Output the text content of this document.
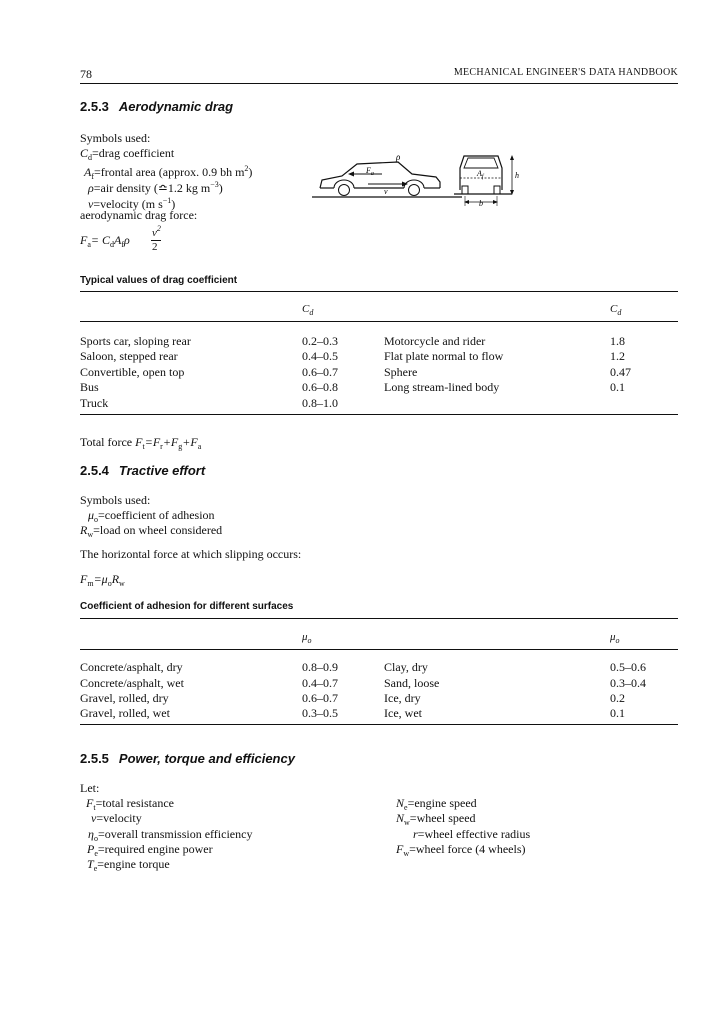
78	MECHANICAL ENGINEER'S DATA HANDBOOK
2.5.3 Aerodynamic drag
Symbols used:
$C_d=drag$ coefficient
$A_f=frontal$ area (approx. 0.9 bh $m^2$)
ρ=air density (≏1.2 kg $m^{-3}$)
v=velocity (m $s^{-1}$)
aerodynamic drag force:
$F_a= C_dA_f\rho$ $v^2$
2
ρ
$F_a$
v
$A_f$	h
b
Typical values of drag coefficient
$C_d$	$C_d$
Sports car, sloping rear	0.2–0.3	Motorcycle and rider	1.8
Saloon, stepped rear	0.4–0.5	Flat plate normal to flow	1.2
Convertible, open top	0.6–0.7	Sphere	0.47
Bus	0.6–0.8	Long stream-lined body	0.1
Truck	0.8–1.0
Total force $F_t=F_r+F_g+F_a$
2.5.4 Tractive effort
Symbols used:
$\mu_o=coefficient$ of adhesion
$R_w=load$ on wheel considered
The horizontal force at which slipping occurs:
$F_m=\mu_oR_w$
Coefficient of adhesion for different surfaces
$\mu_o$	$\mu_o$
Concrete/asphalt, dry	0.8–0.9	Clay, dry	0.5–0.6
Concrete/asphalt, wet	0.4–0.7	Sand, loose	0.3–0.4
Gravel, rolled, dry	0.6–0.7	Ice, dry	0.2
Gravel, rolled, wet	0.3–0.5	Ice, wet	0.1
2.5.5 Power, torque and efficiency
Let:
$F_t=total$ resistance
v=velocity
$\eta_o=overall$ transmission efficiency
$P_e=required$ engine power
$T_e=engine$ torque
$N_e=engine$ speed
$N_w=wheel$ speed
r=wheel effective radius
$F_w=wheel$ force (4 wheels)
